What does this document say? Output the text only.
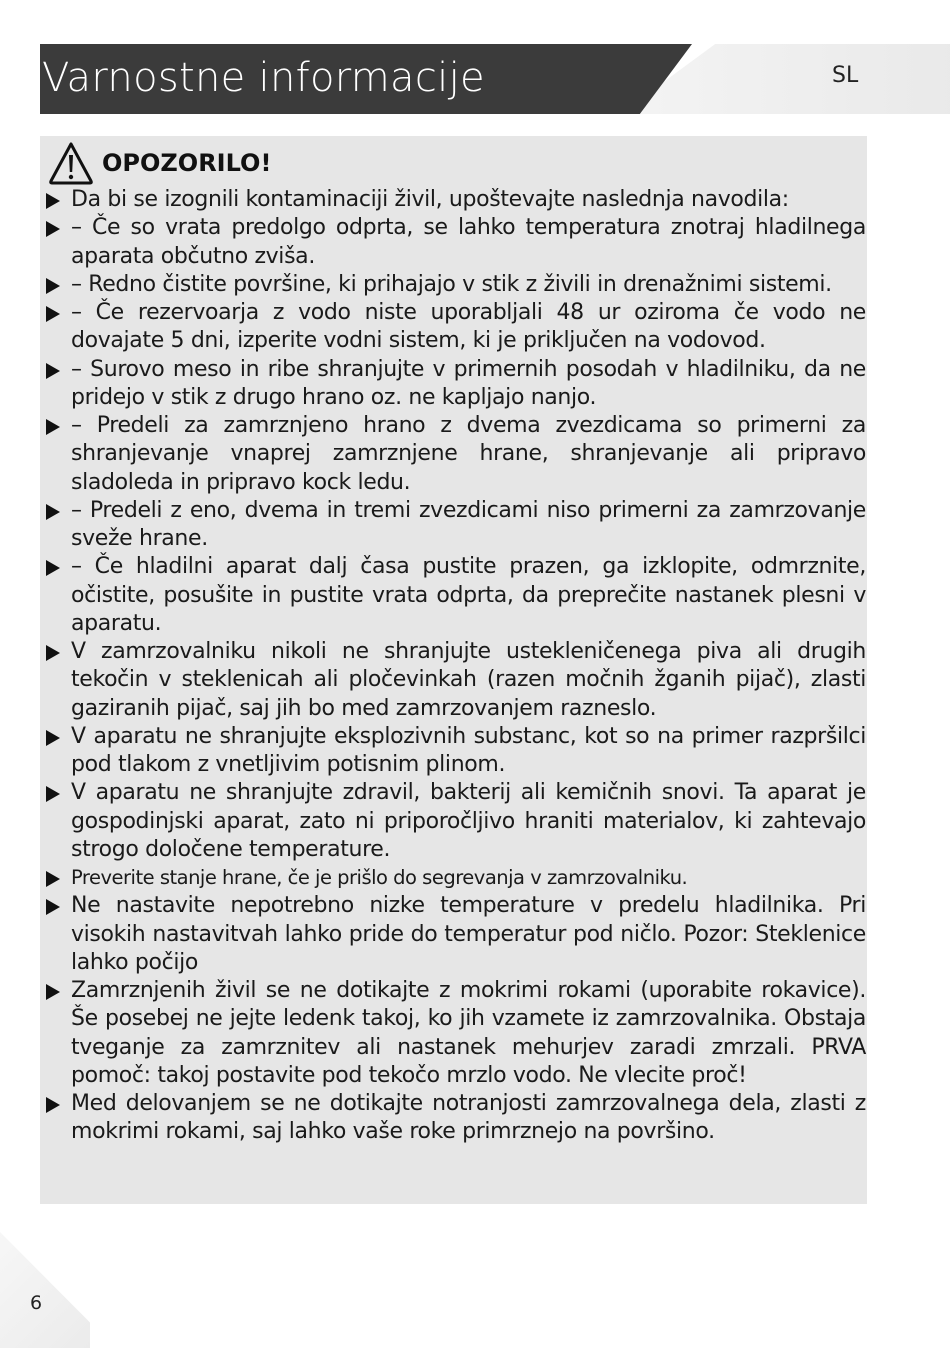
Varnostne informacije	SL
OPOZORILO!
Da bi se izognili kontaminaciji živil, upoštevajte naslednja navodila:
– Če so vrata predolgo odprta, se lahko temperatura znotraj hladilnega aparata občutno zviša.
– Redno čistite površine, ki prihajajo v stik z živili in drenažnimi sistemi.
– Če rezervoarja z vodo niste uporabljali 48 ur oziroma če vodo ne dovajate 5 dni, izperite vodni sistem, ki je priključen na vodovod.
– Surovo meso in ribe shranjujte v primernih posodah v hladilniku, da ne pridejo v stik z drugo hrano oz. ne kapljajo nanjo.
– Predeli za zamrznjeno hrano z dvema zvezdicama so primerni za shranjevanje vnaprej zamrznjene hrane, shranjevanje ali pripravo sladoleda in pripravo kock ledu.
– Predeli z eno, dvema in tremi zvezdicami niso primerni za zamrzovanje sveže hrane.
– Če hladilni aparat dalj časa pustite prazen, ga izklopite, odmrznite, očistite, posušite in pustite vrata odprta, da preprečite nastanek plesni v aparatu.
V zamrzovalniku nikoli ne shranjujte ustekleničenega piva ali drugih tekočin v steklenicah ali pločevinkah (razen močnih žganih pijač), zlasti gaziranih pijač, saj jih bo med zamrzovanjem razneslo.
V aparatu ne shranjujte eksplozivnih substanc, kot so na primer razpršilci pod tlakom z vnetljivim potisnim plinom.
V aparatu ne shranjujte zdravil, bakterij ali kemičnih snovi. Ta aparat je gospodinjski aparat, zato ni priporočljivo hraniti materialov, ki zahtevajo strogo določene temperature.
Preverite stanje hrane, če je prišlo do segrevanja v zamrzovalniku.
Ne nastavite nepotrebno nizke temperature v predelu hladilnika. Pri visokih nastavitvah lahko pride do temperatur pod ničlo. Pozor: Steklenice lahko počijo
Zamrznjenih živil se ne dotikajte z mokrimi rokami (uporabite rokavice). Še posebej ne jejte ledenk takoj, ko jih vzamete iz zamrzovalnika. Obstaja tveganje za zamrznitev ali nastanek mehurjev zaradi zmrzali. PRVA pomoč: takoj postavite pod tekočo mrzlo vodo. Ne vlecite proč!
Med delovanjem se ne dotikajte notranjosti zamrzovalnega dela, zlasti z mokrimi rokami, saj lahko vaše roke primrznejo na površino.
6
